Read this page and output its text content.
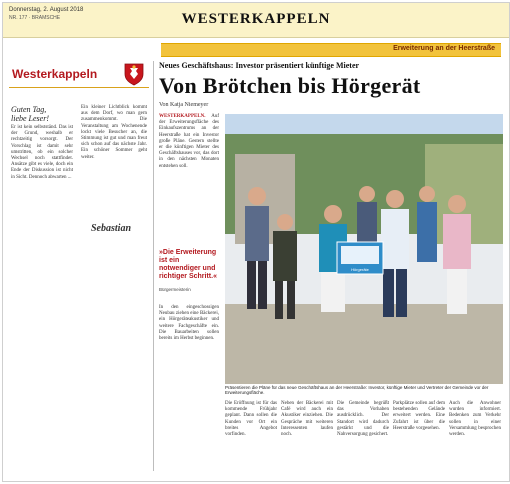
Donnerstag, 2. August 2018
NR. 177 · BRAMSCHE	WESTERKAPPELN
Erweiterung an der Heerstraße
Westerkappeln
Guten Tag,
liebe Leser!
Er ist kein selbstständ. Das ist der Grund, weshalb er rechtzeitig vorsorgt. Der Vorschlag ist damit sehr umstritten, ob ein solcher Wechsel noch stattfindet. Ansätze gibt es viele, doch ein Ende der Diskussion ist nicht in Sicht. Dennoch abwarten ...
Ein kleiner Lichtblick kommt aus dem Dorf, wo man gern zusammenkommt. Die Veranstaltung am Wochenende lockt viele Besucher an, die Stimmung ist gut und man freut sich schon auf das nächste Jahr. Ein schöner Sommer geht weiter.
Sebastian
Neues Geschäftshaus: Investor präsentiert künftige Mieter
Von Brötchen bis Hörgerät
Von Katja Niemeyer
WESTERKAPPELN. Auf der Erweiterungsfläche des Einkaufszentrums an der Heerstraße hat ein Investor große Pläne. Gestern stellte er die künftigen Mieter des Geschäftshauses vor, das dort in den nächsten Monaten entstehen soll.
»Die Erweiterung ist ein notwendiger und richtiger Schritt.«
Bürgermeisterin
In den eingeschossigen Neubau ziehen eine Bäckerei, ein Hörgeräteakustiker und weitere Fachgeschäfte ein. Die Bauarbeiten sollen bereits im Herbst beginnen.
Hörgeräte
Präsentieren die Pläne für das neue Geschäftshaus an der Heerstraße: Investor, künftige Mieter und Vertreter der Gemeinde vor der Erweiterungsfläche.
Die Eröffnung ist für das kommende Frühjahr geplant. Dann sollen die Kunden vor Ort ein breites Angebot vorfinden.
Neben der Bäckerei mit Café wird auch ein Akustiker einziehen. Die Gespräche mit weiteren Interessenten laufen noch.
Die Gemeinde begrüßt das Vorhaben ausdrücklich. Der Standort wird dadurch gestärkt und die Nahversorgung gesichert.
Parkplätze sollen auf dem bestehenden Gelände erweitert werden. Eine Zufahrt ist über die Heerstraße vorgesehen.
Auch die Anwohner wurden informiert. Bedenken zum Verkehr sollen in einer Versammlung besprochen werden.
